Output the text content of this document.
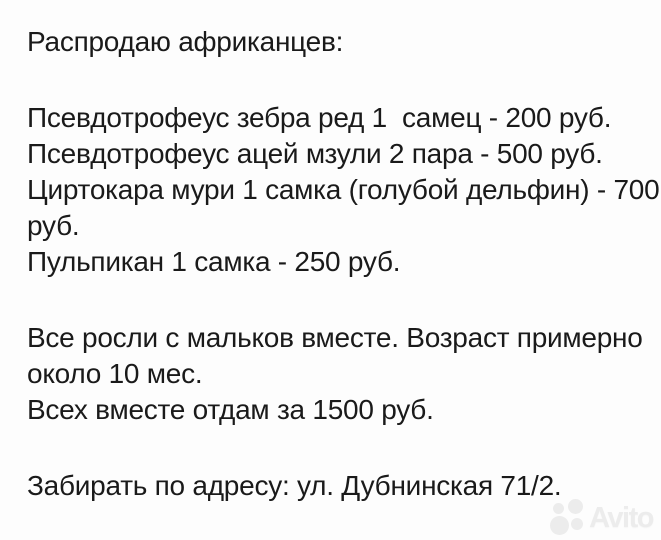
Распродаю африканцев:
Псевдотрофеус зебра ред 1  самец - 200 руб.
Псевдотрофеус ацей мзули 2 пара - 500 руб.
Циртокара мури 1 самка (голубой дельфин) - 700
руб.
Пульпикан 1 самка - 250 руб.
Все росли с мальков вместе. Возраст примерно
около 10 мес.
Всех вместе отдам за 1500 руб.
Забирать по адресу: ул. Дубнинская 71/2.
Avito
